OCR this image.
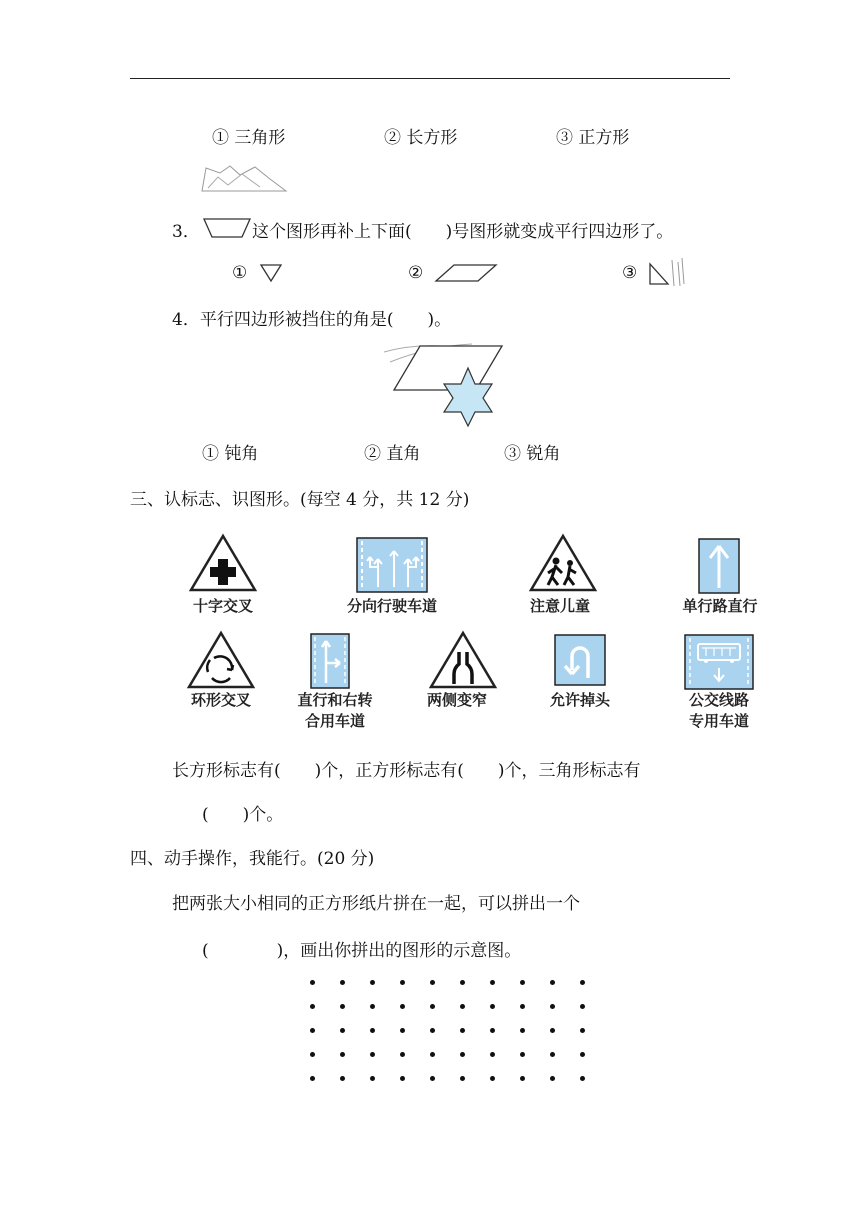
① 三角形	② 长方形	③ 正方形
3．	这个图形再补上下面(　　)号图形就变成平行四边形了。
①	②	③
4．平行四边形被挡住的角是(　　)。
① 钝角	② 直角	③ 锐角
三、认标志、识图形。(每空 4 分，共 12 分)
十字交叉	分向行驶车道	注意儿童	单行路直行
环形交叉	直行和右转
合用车道
两侧变窄	允许掉头	公交线路
专用车道
长方形标志有(　　)个，正方形标志有(　　)个，三角形标志有
(　　)个。
四、动手操作，我能行。(20 分)
把两张大小相同的正方形纸片拼在一起，可以拼出一个
(　　　　)，画出你拼出的图形的示意图。
